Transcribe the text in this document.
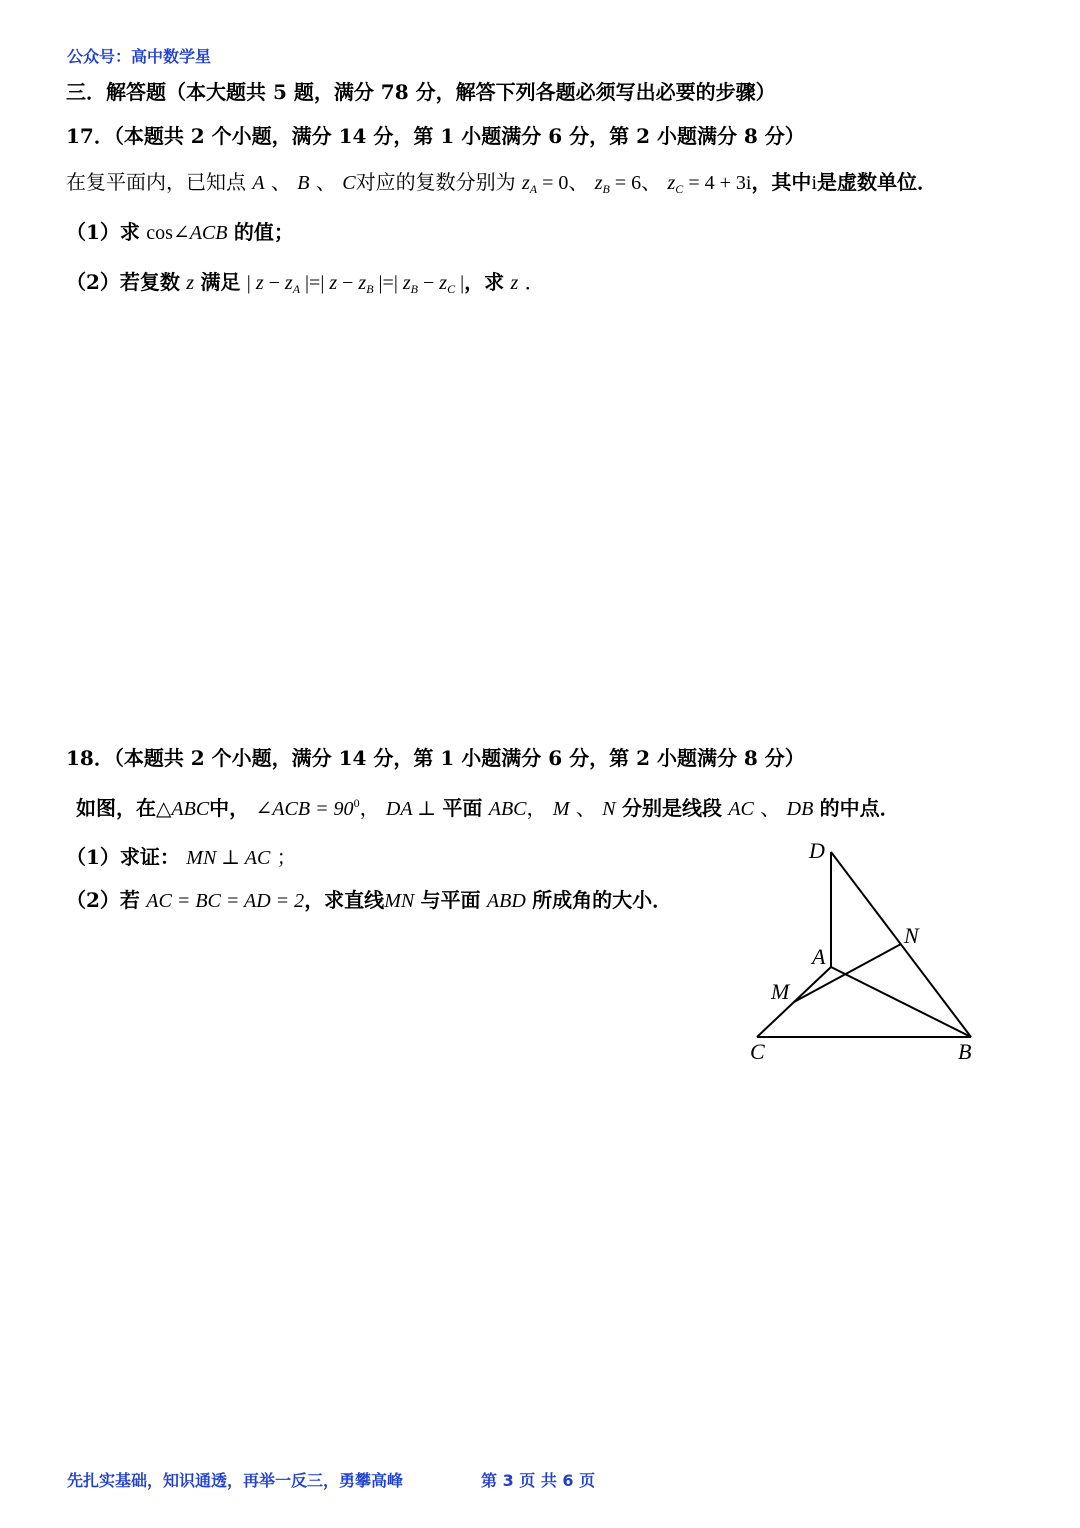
公众号：高中数学星
三．解答题（本大题共 5 题，满分 78 分，解答下列各题必须写出必要的步骤）
17．（本题共 2 个小题，满分 14 分，第 1 小题满分 6 分，第 2 小题满分 8 分）
在复平面内，已知点 A 、 B 、 C对应的复数分别为 $z_A = 0$、 $z_B = 6$、 $z_C = 4 + 3i$，其中i是虚数单位．
（1）求 cos∠ACB 的值；
（2）若复数 z 满足 | $z - z_A$ |=| $z - z_B$ |=| $z_B - z_C$ |，求 z ．
18．（本题共 2 个小题，满分 14 分，第 1 小题满分 6 分，第 2 小题满分 8 分）
如图，在△ABC中， ∠ACB = $90^0$， DA ⊥ 平面 ABC， M 、 N 分别是线段 AC 、 DB 的中点．
（1）求证： MN ⊥ AC ；
（2）若 AC = BC = AD = 2，求直线MN 与平面 ABD 所成角的大小．
D
N
A
M
C	B
先扎实基础，知识通透，再举一反三，勇攀高峰	第 3 页 共 6 页
